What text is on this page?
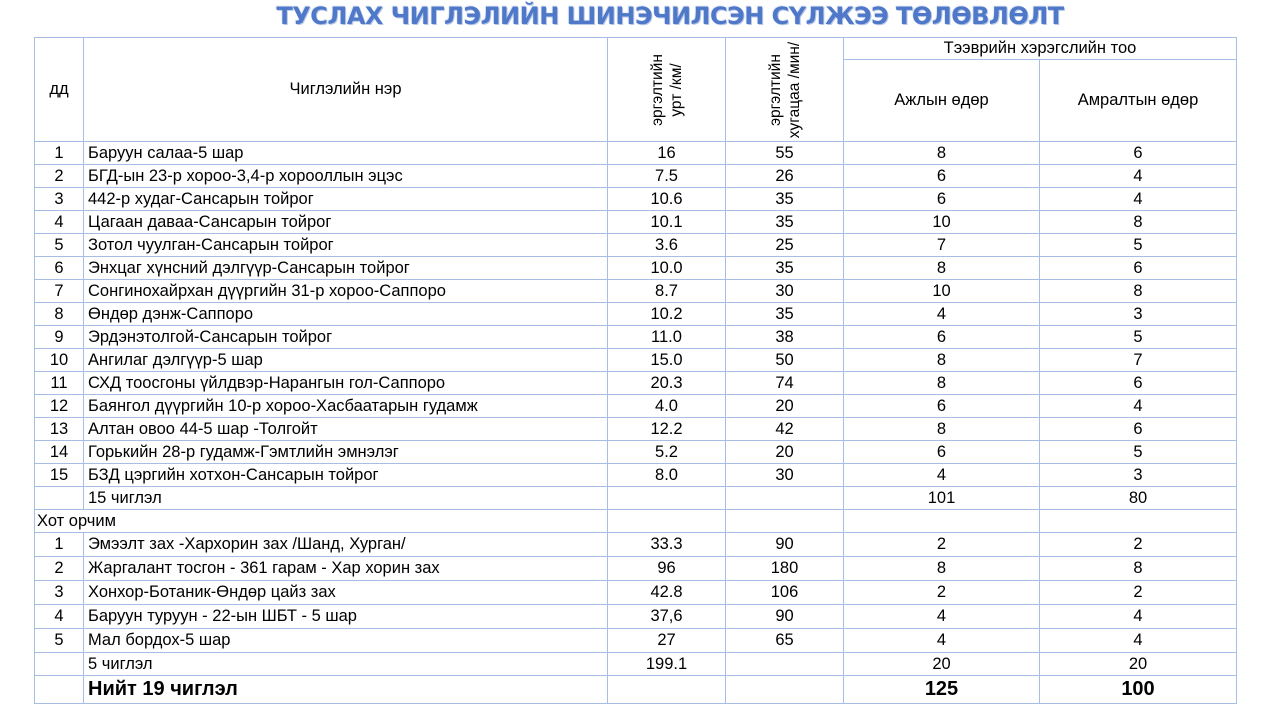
ТУСЛАХ ЧИГЛЭЛИЙН ШИНЭЧИЛСЭН СҮЛЖЭЭ ТӨЛӨВЛӨЛТ
дд	Чиглэлийн нэр	эргэлтийн урт /км/	эргэлтийн хугацаа /мин/	Тээврийн хэрэгслийн тоо	
				Ажлын өдөр	Амралтын өдөр
1	Баруун салаа-5 шар	16	55	8	6
2	БГД-ын 23-р хороо-3,4-р хорооллын эцэс	7.5	26	6	4
3	442-р худаг-Сансарын тойрог	10.6	35	6	4
4	Цагаан даваа-Сансарын тойрог	10.1	35	10	8
5	Зотол чуулган-Сансарын тойрог	3.6	25	7	5
6	Энхцаг хүнсний дэлгүүр-Сансарын тойрог	10.0	35	8	6
7	Сонгинохайрхан дүүргийн 31-р хороо-Саппоро	8.7	30	10	8
8	Өндөр дэнж-Саппоро	10.2	35	4	3
9	Эрдэнэтолгой-Сансарын тойрог	11.0	38	6	5
10	Ангилаг дэлгүүр-5 шар	15.0	50	8	7
11	СХД тоосгоны үйлдвэр-Нарангын гол-Саппоро	20.3	74	8	6
12	Баянгол дүүргийн 10-р хороо-Хасбаатарын гудамж	4.0	20	6	4
13	Алтан овоо 44-5 шар -Толгойт	12.2	42	8	6
14	Горькийн 28-р гудамж-Гэмтлийн эмнэлэг	5.2	20	6	5
15	БЗД цэргийн хотхон-Сансарын тойрог	8.0	30	4	3
	15 чиглэл			101	80
Хот орчим					
1	Эмээлт зах -Хархорин зах /Шанд, Хурган/	33.3	90	2	2
2	Жаргалант тосгон - 361 гарам - Хар хорин зах	96	180	8	8
3	Хонхор-Ботаник-Өндөр цайз зах	42.8	106	2	2
4	Баруун туруун - 22-ын ШБТ - 5 шар	37,6	90	4	4
5	Мал бордох-5 шар	27	65	4	4
	5 чиглэл	199.1		20	20
	Нийт 19 чиглэл			125	100
